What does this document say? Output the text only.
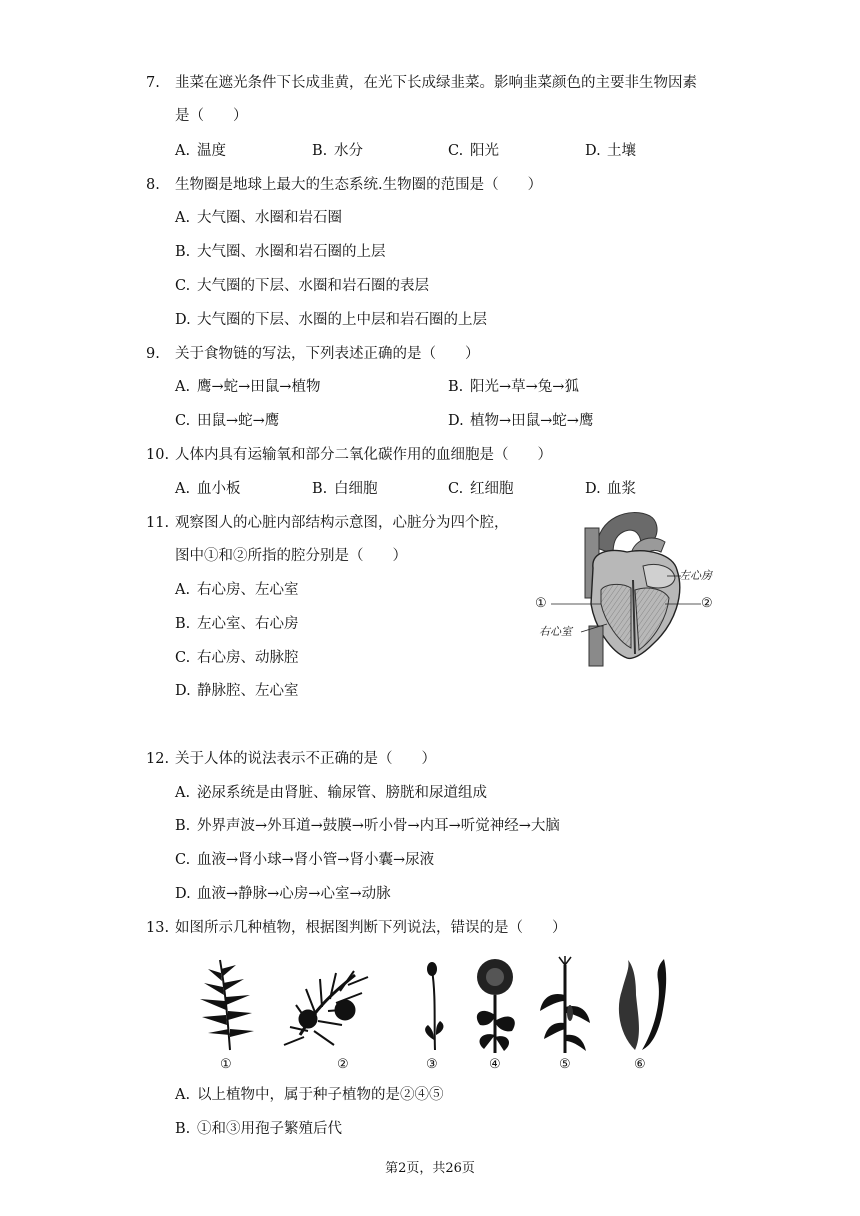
7. 韭菜在遮光条件下长成韭黄，在光下长成绿韭菜。影响韭菜颜色的主要非生物因素
是（　　）
A. 温度	B. 水分	C. 阳光	D. 土壤
8. 生物圈是地球上最大的生态系统.生物圈的范围是（　　）
A. 大气圈、水圈和岩石圈
B. 大气圈、水圈和岩石圈的上层
C. 大气圈的下层、水圈和岩石圈的表层
D. 大气圈的下层、水圈的上中层和岩石圈的上层
9. 关于食物链的写法，下列表述正确的是（　　）
A. 鹰→蛇→田鼠→植物	B. 阳光→草→兔→狐
C. 田鼠→蛇→鹰	D. 植物→田鼠→蛇→鹰
10. 人体内具有运输氧和部分二氧化碳作用的血细胞是（　　）
A. 血小板	B. 白细胞	C. 红细胞	D. 血浆
11. 观察图人的心脏内部结构示意图，心脏分为四个腔，
图中①和②所指的腔分别是（　　）
A. 右心房、左心室
B. 左心室、右心房
C. 右心房、动脉腔
D. 静脉腔、左心室
①	②
左心房
右心室
12. 关于人体的说法表示不正确的是（　　）
A. 泌尿系统是由肾脏、输尿管、膀胱和尿道组成
B. 外界声波→外耳道→鼓膜→听小骨→内耳→听觉神经→大脑
C. 血液→肾小球→肾小管→肾小囊→尿液
D. 血液→静脉→心房→心室→动脉
13. 如图所示几种植物，根据图判断下列说法，错误的是（　　）
①	②	③	④	⑤	⑥
A. 以上植物中，属于种子植物的是②④⑤
B. ①和③用孢子繁殖后代
第2页，共26页
